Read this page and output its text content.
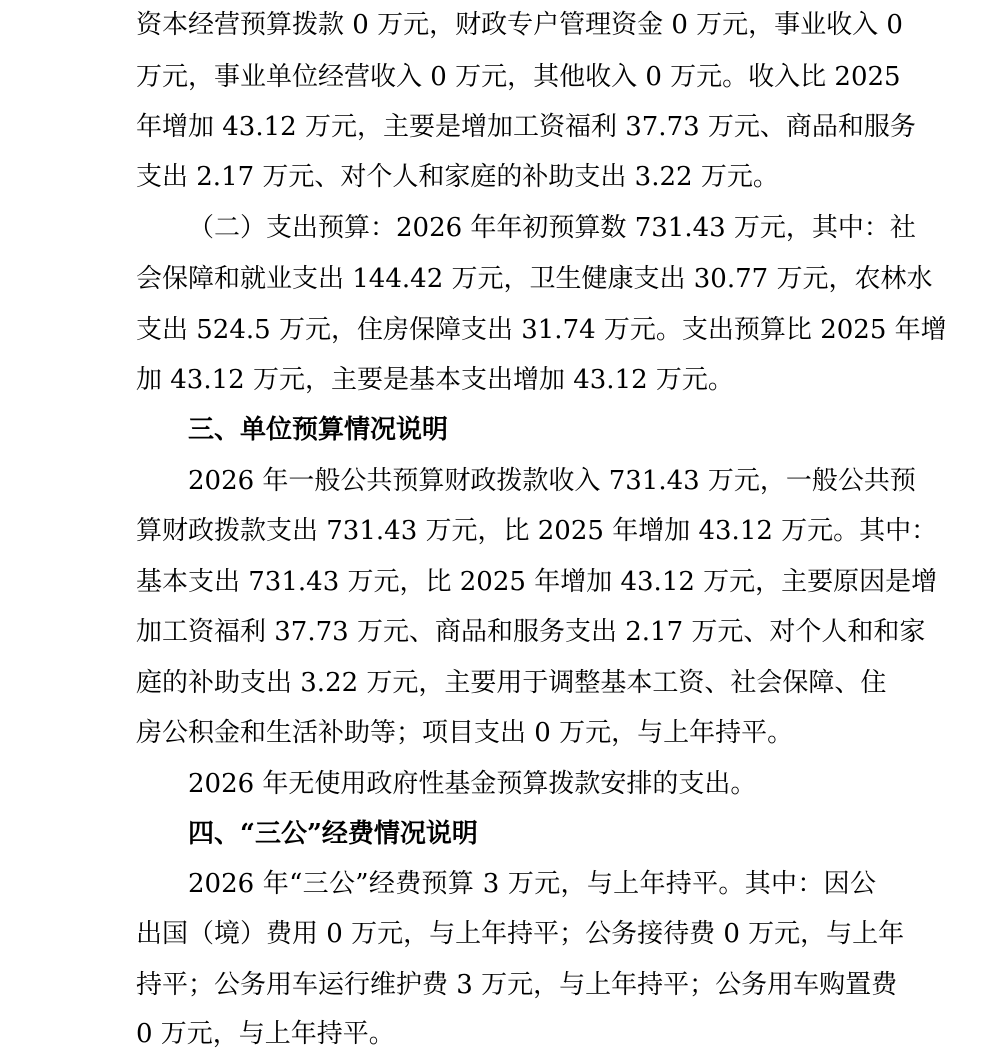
资本经营预算拨款 0 万元，财政专户管理资金 0 万元，事业收入 0
万元，事业单位经营收入 0 万元，其他收入 0 万元。收入比 2025
年增加 43.12 万元，主要是增加工资福利 37.73 万元、商品和服务
支出 2.17 万元、对个人和家庭的补助支出 3.22 万元。
（二）支出预算：2026 年年初预算数 731.43 万元，其中：社
会保障和就业支出 144.42 万元，卫生健康支出 30.77 万元，农林水
支出 524.5 万元，住房保障支出 31.74 万元。支出预算比 2025 年增
加 43.12 万元，主要是基本支出增加 43.12 万元。
三、单位预算情况说明
2026 年一般公共预算财政拨款收入 731.43 万元，一般公共预
算财政拨款支出 731.43 万元，比 2025 年增加 43.12 万元。其中：
基本支出 731.43 万元，比 2025 年增加 43.12 万元，主要原因是增
加工资福利 37.73 万元、商品和服务支出 2.17 万元、对个人和和家
庭的补助支出 3.22 万元，主要用于调整基本工资、社会保障、住
房公积金和生活补助等；项目支出 0 万元，与上年持平。
2026 年无使用政府性基金预算拨款安排的支出。
四、“三公”经费情况说明
2026 年“三公”经费预算 3 万元，与上年持平。其中：因公
出国（境）费用 0 万元，与上年持平；公务接待费 0 万元，与上年
持平；公务用车运行维护费 3 万元，与上年持平；公务用车购置费
0 万元，与上年持平。
